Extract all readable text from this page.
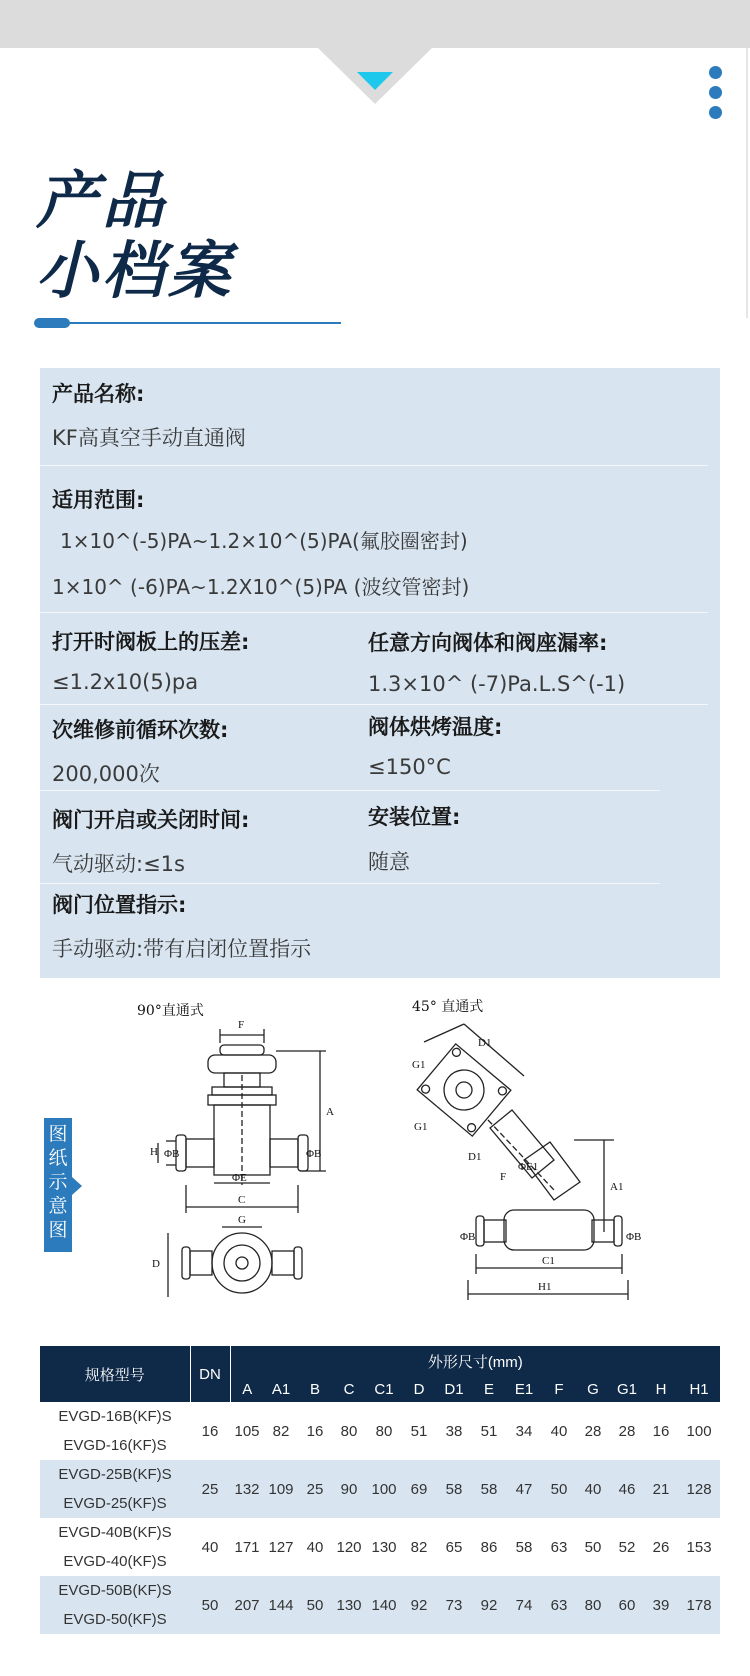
产品
小档案
产品名称:
KF高真空手动直通阀
适用范围:
1×10^(-5)PA~1.2×10^(5)PA(氟胶圈密封)
1×10^ (-6)PA~1.2X10^(5)PA (波纹管密封)
打开时阀板上的压差:	任意方向阀体和阀座漏率:
≤1.2x10(5)pa	1.3×10^ (-7)Pa.L.S^(-1)
次维修前循环次数:	阀体烘烤温度:
200,000次	≤150°C
阀门开启或关闭时间:	安装位置:
气动驱动:≤1s	随意
阀门位置指示:
手动驱动:带有启闭位置指示
图
纸
示
意
图
90°直通式	45° 直通式
F
A
H ΦB	ΦB
ΦE
C
G
D
G1
G1
D1
D1
ΦE1
F
A1
ΦB	ΦB
C1
H1
规格型号	DN	外形尺寸(mm)													
		A	A1	B	C	C1	D	D1	E	E1	F	G	G1	H	H1
EVGD-16B(KF)S	16	105	82	16	80	80	51	38	51	34	40	28	28	16	100
EVGD-16(KF)S															
EVGD-25B(KF)S	25	132	109	25	90	100	69	58	58	47	50	40	46	21	128
EVGD-25(KF)S															
EVGD-40B(KF)S	40	171	127	40	120	130	82	65	86	58	63	50	52	26	153
EVGD-40(KF)S															
EVGD-50B(KF)S	50	207	144	50	130	140	92	73	92	74	63	80	60	39	178
EVGD-50(KF)S															
